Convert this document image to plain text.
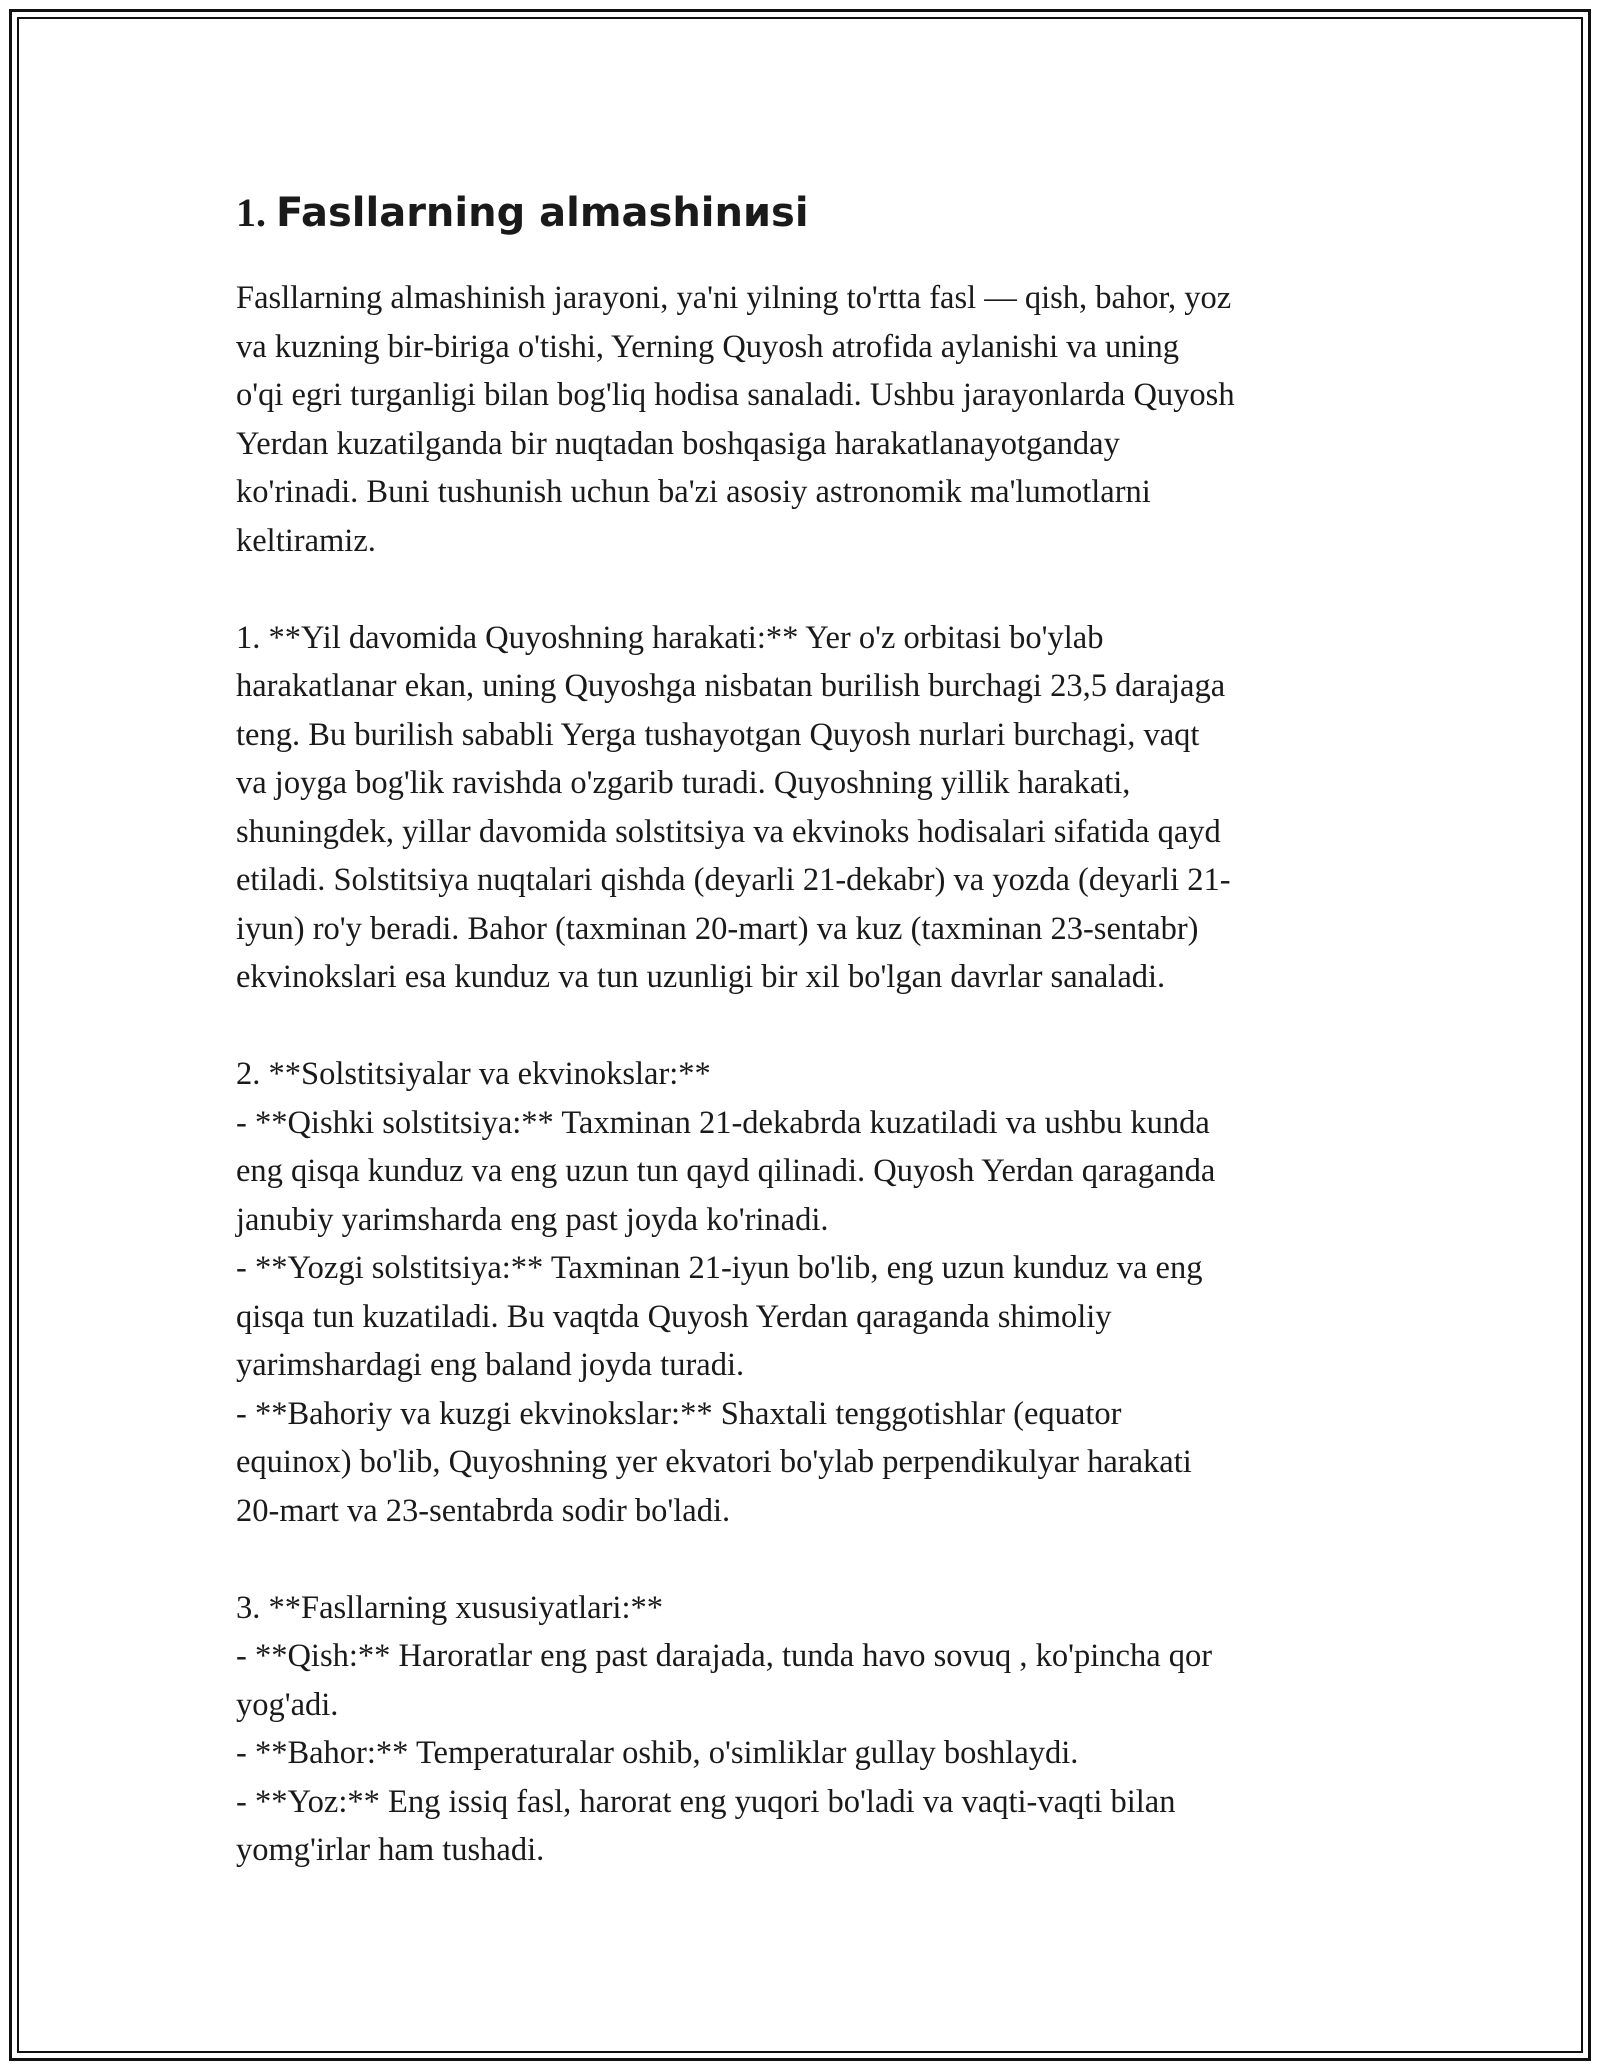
1. Fasllarning almashinиsi

Fasllarning almashinish jarayoni, ya'ni yilning to'rtta fasl — qish, bahor, yoz
va kuzning bir-biriga o'tishi, Yerning Quyosh atrofida aylanishi va uning
o'qi egri turganligi bilan bog'liq hodisa sanaladi. Ushbu jarayonlarda Quyosh
Yerdan kuzatilganda bir nuqtadan boshqasiga harakatlanayotganday
ko'rinadi. Buni tushunish uchun ba'zi asosiy astronomik ma'lumotlarni
keltiramiz.

1. **Yil davomida Quyoshning harakati:** Yer o'z orbitasi bo'ylab
harakatlanar ekan, uning Quyoshga nisbatan burilish burchagi 23,5 darajaga
teng. Bu burilish sababli Yerga tushayotgan Quyosh nurlari burchagi, vaqt
va joyga bog'lik ravishda o'zgarib turadi. Quyoshning yillik harakati,
shuningdek, yillar davomida solstitsiya va ekvinoks hodisalari sifatida qayd
etiladi. Solstitsiya nuqtalari qishda (deyarli 21-dekabr) va yozda (deyarli 21-
iyun) ro'y beradi. Bahor (taxminan 20-mart) va kuz (taxminan 23-sentabr)
ekvinokslari esa kunduz va tun uzunligi bir xil bo'lgan davrlar sanaladi.

2. **Solstitsiyalar va ekvinokslar:**
- **Qishki solstitsiya:** Taxminan 21-dekabrda kuzatiladi va ushbu kunda
eng qisqa kunduz va eng uzun tun qayd qilinadi. Quyosh Yerdan qaraganda
janubiy yarimsharda eng past joyda ko'rinadi.
- **Yozgi solstitsiya:** Taxminan 21-iyun bo'lib, eng uzun kunduz va eng
qisqa tun kuzatiladi. Bu vaqtda Quyosh Yerdan qaraganda shimoliy
yarimshardagi eng baland joyda turadi.
- **Bahoriy va kuzgi ekvinokslar:** Shaxtali tenggotishlar (equator
equinox) bo'lib, Quyoshning yer ekvatori bo'ylab perpendikulyar harakati
20-mart va 23-sentabrda sodir bo'ladi.

3. **Fasllarning xususiyatlari:**
- **Qish:** Haroratlar eng past darajada, tunda havo sovuq , ko'pincha qor
yog'adi.
- **Bahor:** Temperaturalar oshib, o'simliklar gullay boshlaydi.
- **Yoz:** Eng issiq fasl, harorat eng yuqori bo'ladi va vaqti-vaqti bilan
yomg'irlar ham tushadi.
